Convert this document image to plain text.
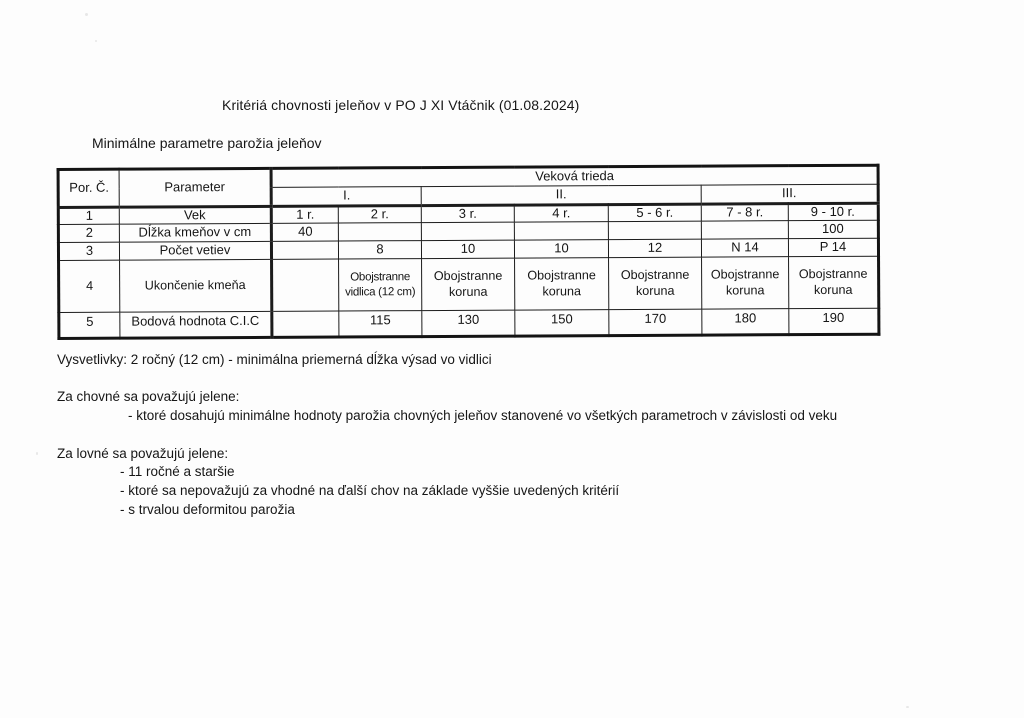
Kritériá chovnosti jeleňov v PO J XI Vtáčnik (01.08.2024)
Minimálne parametre parožia jeleňov
Por. Č.	Parameter	Veková trieda						
		I.		II.			III.	
1	Vek	1 r.	2 r.	3 r.	4 r.	5 - 6 r.	7 - 8 r.	9 - 10 r.
2	Dĺžka kmeňov v cm	40						100
3	Počet vetiev		8	10	10	12	N 14	P 14
4	Ukončenie kmeňa		Obojstranne vidlica (12 cm)	Obojstranne koruna	Obojstranne koruna	Obojstranne koruna	Obojstranne koruna	Obojstranne koruna
5	Bodová hodnota C.I.C		115	130	150	170	180	190
Vysvetlivky: 2 ročný (12 cm) - minimálna priemerná dĺžka výsad vo vidlici
Za chovné sa považujú jelene:
- ktoré dosahujú minimálne hodnoty parožia chovných jeleňov stanovené vo všetkých parametroch v závislosti od veku
Za lovné sa považujú jelene:
- 11 ročné a staršie
- ktoré sa nepovažujú za vhodné na ďalší chov na základe vyššie uvedených kritérií
- s trvalou deformitou parožia
